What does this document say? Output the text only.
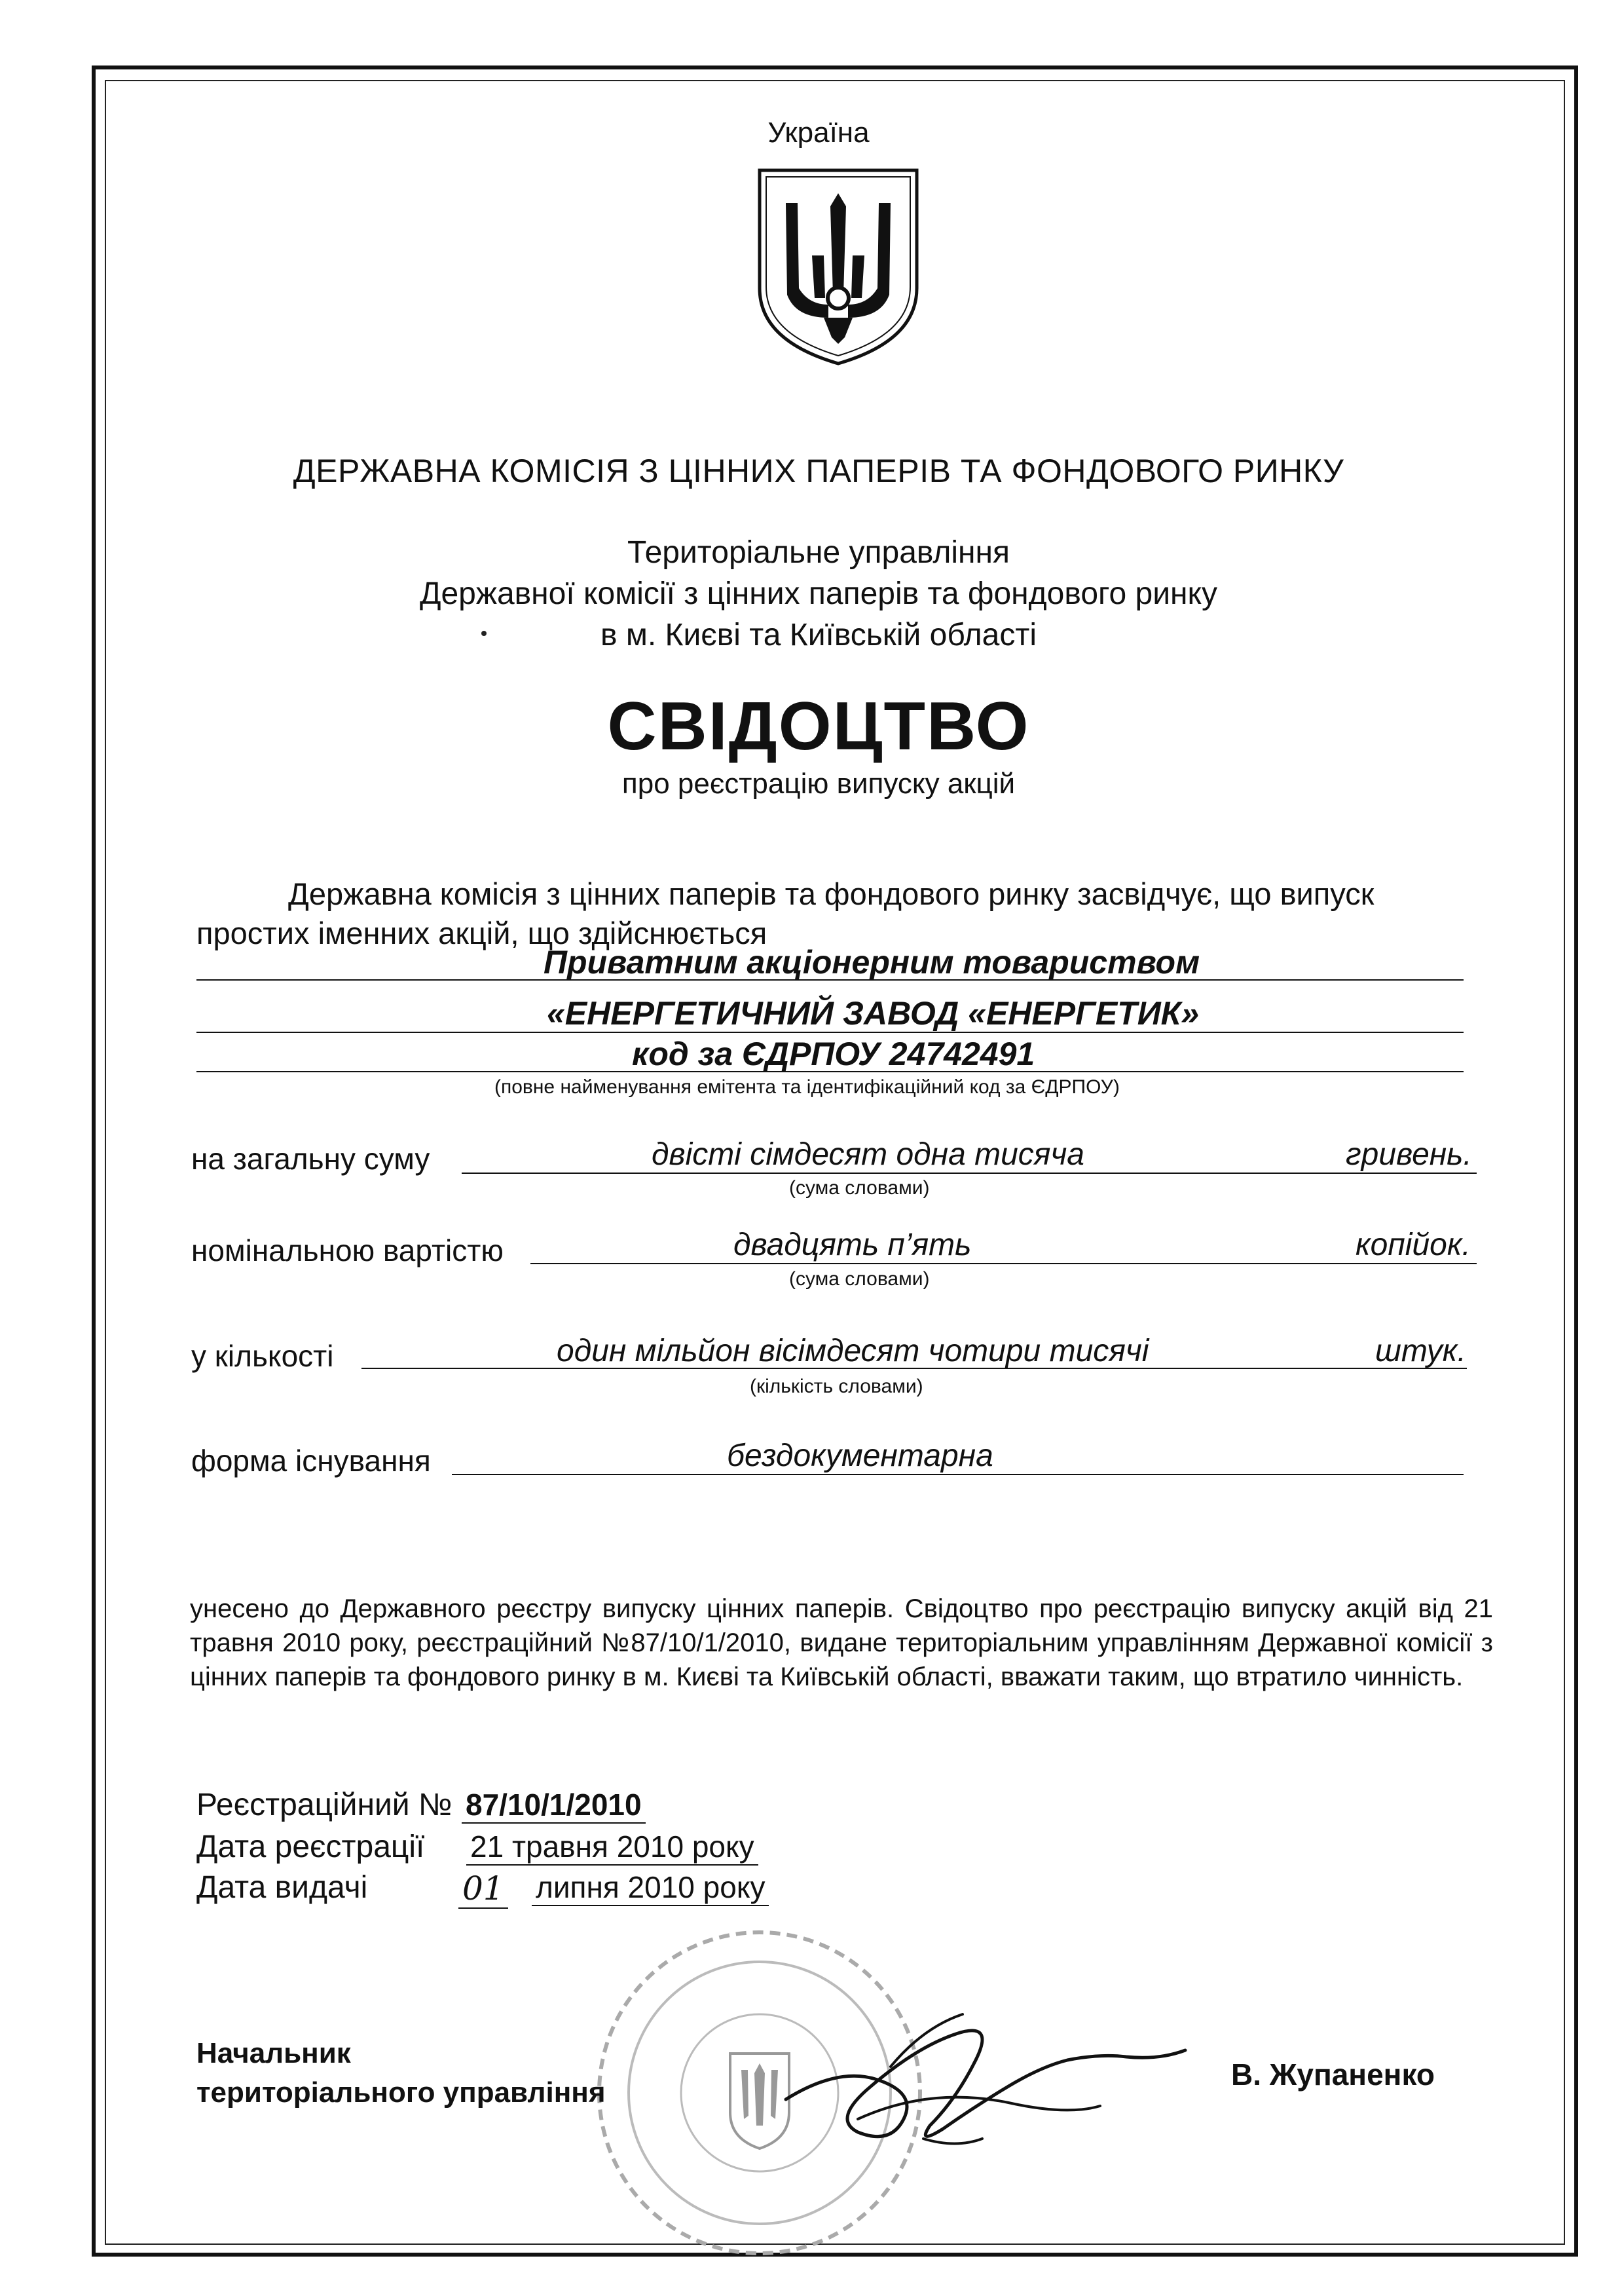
Україна
ДЕРЖАВНА КОМІСІЯ З ЦІННИХ ПАПЕРІВ ТА ФОНДОВОГО РИНКУ
Територіальне управління
Державної комісії з цінних паперів та фондового ринку
в м. Києві та Київській області
СВІДОЦТВО
про реєстрацію випуску акцій
Державна комісія з цінних паперів та фондового ринку засвідчує, що випуск
простих іменних акцій, що здійснюється
Приватним акціонерним товариством
«ЕНЕРГЕТИЧНИЙ ЗАВОД «ЕНЕРГЕТИК»
код за ЄДРПОУ 24742491
(повне найменування емітента та ідентифікаційний код за ЄДРПОУ)
на загальну суму	двісті сімдесят одна тисяча	гривень.
(сума словами)
номінальною вартістю	двадцять п’ять	копійок.
(сума словами)
у кількості	один мільйон вісімдесят чотири тисячі	штук.
(кількість словами)
форма існування	бездокументарна
унесено до Державного реєстру випуску цінних паперів. Свідоцтво про реєстрацію випуску акцій від 21 травня 2010 року, реєстраційний №87/10/1/2010, видане територіальним управлінням Державної комісії з цінних паперів та фондового ринку в м. Києві та Київській області, вважати таким, що втратило чинність.
Реєстраційний № 87/10/1/2010
Дата реєстрації 21 травня 2010 року
Дата видачі	01 липня 2010 року
Начальник
територіального управління
В. Жупаненко
